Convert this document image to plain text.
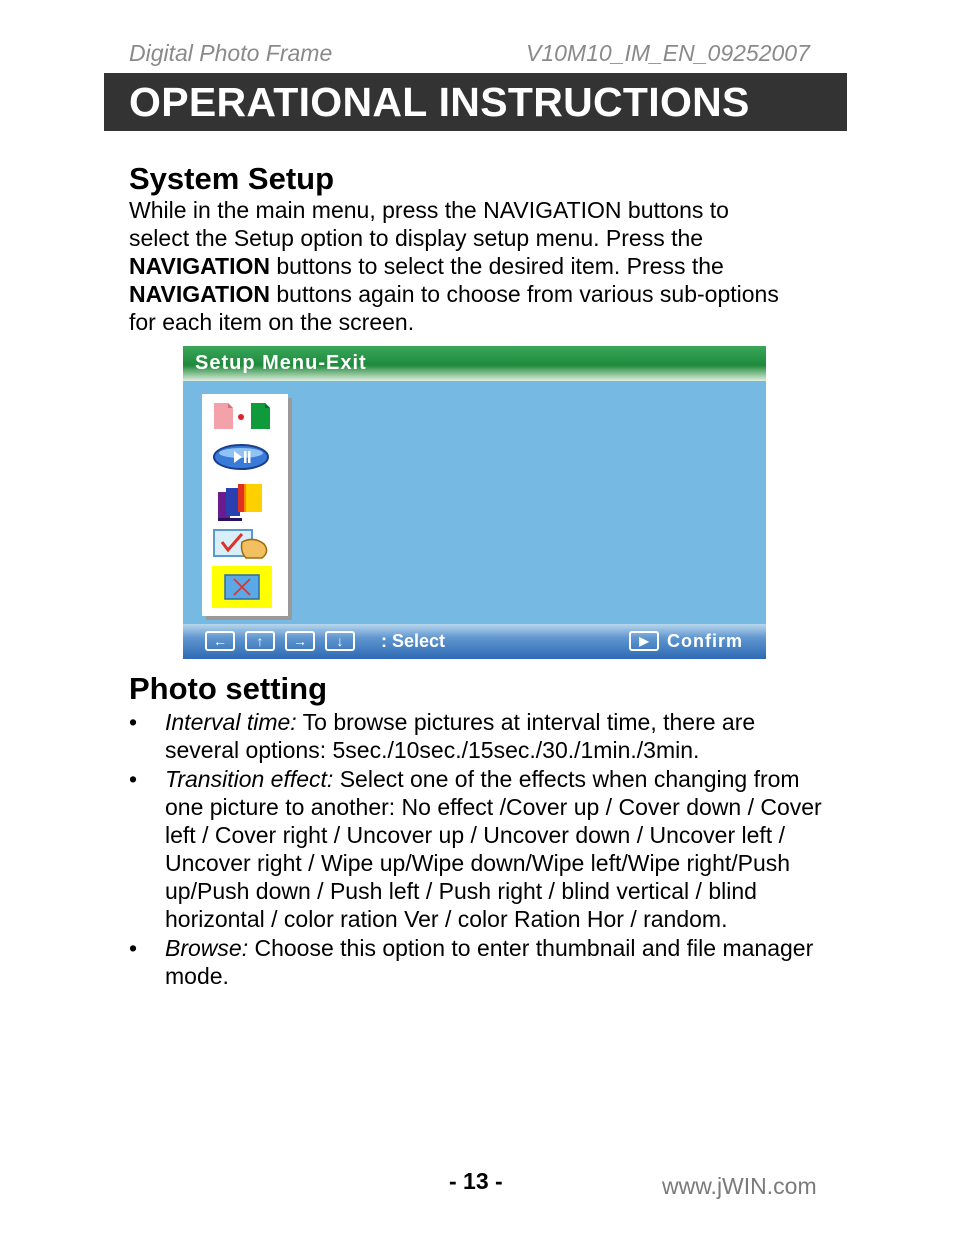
Digital Photo Frame	V10M10_IM_EN_09252007
OPERATIONAL INSTRUCTIONS
System Setup
While in the main menu, press the NAVIGATION buttons to
select the Setup option to display setup menu. Press the
NAVIGATION buttons to select the desired item. Press the
NAVIGATION buttons again to choose from various sub-options
for each item on the screen.
Setup Menu-Exit
←	↑	→	↓	: Select	▶	Confirm
Photo setting
• Interval time: To browse pictures at interval time, there are several options: 5sec./10sec./15sec./30./1min./3min.
• Transition effect: Select one of the effects when changing from one picture to another: No effect /Cover up / Cover down / Cover left / Cover right / Uncover up / Uncover down / Uncover left / Uncover right / Wipe up/Wipe down/Wipe left/Wipe right/Push up/Push down / Push left / Push right / blind vertical / blind horizontal / color ration Ver / color Ration Hor / random.
• Browse: Choose this option to enter thumbnail and file manager mode.
- 13 -	www.jWIN.com
